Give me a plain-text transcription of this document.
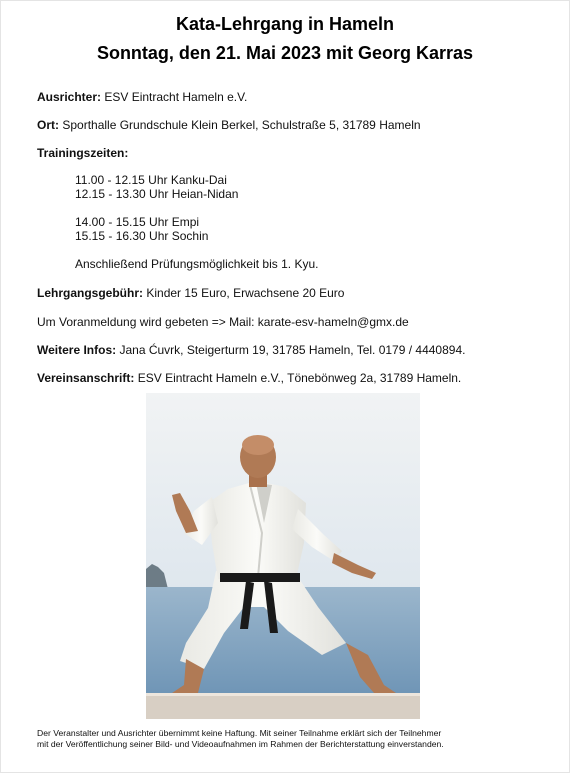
Kata-Lehrgang in Hameln
Sonntag, den 21. Mai 2023 mit Georg Karras
Ausrichter: ESV Eintracht Hameln e.V.
Ort: Sporthalle Grundschule Klein Berkel, Schulstraße 5, 31789 Hameln
Trainingszeiten:
11.00 - 12.15 Uhr Kanku-Dai
12.15 - 13.30 Uhr Heian-Nidan
14.00 - 15.15 Uhr Empi
15.15 - 16.30 Uhr Sochin
Anschließend Prüfungsmöglichkeit bis 1. Kyu.
Lehrgangsgebühr: Kinder 15 Euro, Erwachsene 20 Euro
Um Voranmeldung wird gebeten => Mail: karate-esv-hameln@gmx.de
Weitere Infos: Jana Ćuvrk, Steigerturm 19, 31785 Hameln, Tel. 0179 / 4440894.
Vereinsanschrift: ESV Eintracht Hameln e.V., Tönebönweg 2a, 31789 Hameln.
Der Veranstalter und Ausrichter übernimmt keine Haftung. Mit seiner Teilnahme erklärt sich der Teilnehmer
mit der Veröffentlichung seiner Bild- und Videoaufnahmen im Rahmen der Berichterstattung einverstanden.
